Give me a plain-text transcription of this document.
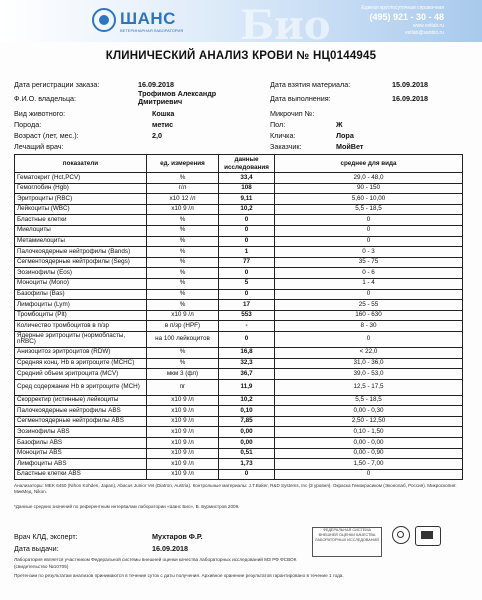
ШАНС
ВЕТЕРИНАРНАЯ ЛАБОРАТОРИЯ Био	Единая круглосуточная справочная
(495) 921 - 30 - 48
www.vetlab.ru
vetlab@sanbio.ru
КЛИНИЧЕСКИЙ АНАЛИЗ КРОВИ № НЦ0144945
Дата регистрации заказа:	16.09.2018
Ф.И.О. владельца:
Трофимов Александр Дмитриевич
Вид животного:	Кошка
Порода:	метис
Возраст (лет, мес.):	2,0
Лечащий врач:
Дата взятия материала:	15.09.2018
Дата выполнения:	16.09.2018
Микрочип №:
Пол:	Ж
Кличка:	Лора
Заказчик:	МойВет
показатели	ед. измерения	данные исследования	среднее для вида
Гематокрит (Hct,PCV)	%	33,4	29,0 - 48,0
Гемоглобин (Hgb)	г/л	108	90 - 150
Эритроциты (RBC)	x10 12 /л	9,11	5,60 - 10,00
Лейкоциты (WBC)	x10 9 /л	10,2	5,5 - 18,5
Бластные клетки	%	0	0
Миелоциты	%	0	0
Метамиелоциты	%	0	0
Палочкоядерные нейтрофилы (Bands)	%	1	0 - 3
Сегментоядерные нейтрофилы (Segs)	%	77	35 - 75
Эозинофилы (Eos)	%	0	0 - 6
Моноциты (Mono)	%	5	1 - 4
Базофилы (Bas)	%	0	0
Лимфоциты (Lym)	%	17	25 - 55
Тромбоциты (Plt)	x10 9 /л	553	160 - 630
Количество тромбоцитов в п/зр	в п/зр (HPF)	-	8 - 30
Ядерные эритроциты (нормобласты, nRBC)	на 100 лейкоцитов	0	0
Анизоцитоз эритроцитов (RDW)	%	16,8	< 22,0
Средняя конц. Hb в эритроците (MCHC)	%	32,3	31,0 - 36,0
Средний объем эритроцита (MCV)	мкм 3 (фл)	36,7	39,0 - 53,0
Сред содержание Hb в эритроците (MCH)	пг	11,9	12,5 - 17,5
Скорректир (истинные) лейкоциты	x10 9 /л	10,2	5,5 - 18,5
Палочкоядерные нейтрофилы ABS	x10 9 /л	0,10	0,00 - 0,30
Сегментоядерные нейтрофилы ABS	x10 9 /л	7,85	2,50 - 12,50
Эозинофилы ABS	x10 9 /л	0,00	0,10 - 1,50
Базофилы ABS	x10 9 /л	0,00	0,00 - 0,00
Моноциты ABS	x10 9 /л	0,51	0,00 - 0,90
Лимфоциты ABS	x10 9 /л	1,73	1,50 - 7,00
Бластные клетки ABS	x10 9 /л	0	0
Анализаторы: MEK 6450 (Nihon Kohden, Japan), Abacus Junior Vet (Diatron, Austria). Контрольные материалы: J.T.Baker, R&D Systems, Inc (3 уровня). Окраска Гемокрасиком (Эконолаб, Россия). Микроскопия: МикМед, Nikon.
*Данные средних значений по референтным интервалам лаборатории «Шанс Био», В. Бурмистров 2009.
Врач КЛД, эксперт:	Мухтаров Ф.Р.
Дата выдачи:	16.09.2018
ФЕДЕРАЛЬНАЯ СИСТЕМА ВНЕШНЕЙ ОЦЕНКИ КАЧЕСТВА ЛАБОРАТОРНЫХ ИССЛЕДОВАНИЙ
Лаборатория является участником Федеральной системы внешней оценки качества лабораторных исследований МЗ РФ ФСВОК
(свидетельство №10705)
Претензии по результатам анализов принимаются в течение суток с даты получения. Архивное хранение результатов гарантировано в течение 1 года.
